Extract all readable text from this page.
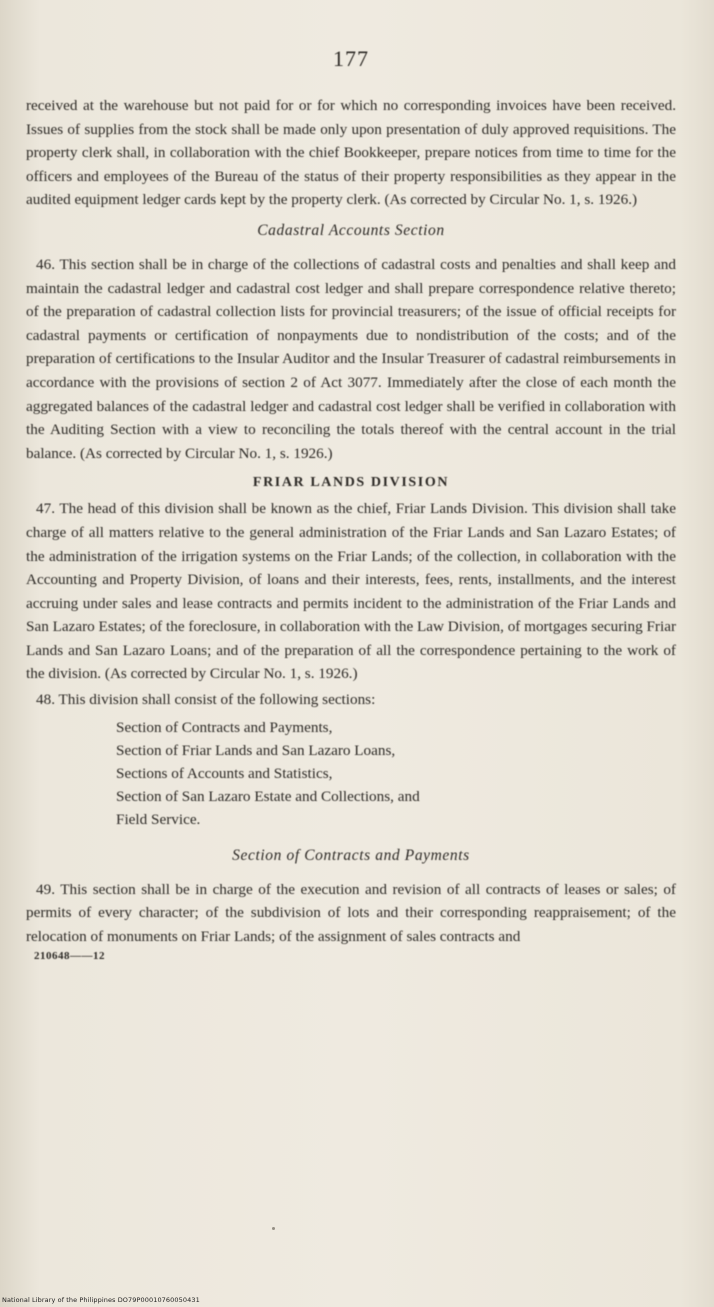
177

received at the warehouse but not paid for or for which no corresponding invoices have been received. Issues of supplies from the stock shall be made only upon presentation of duly approved requisitions. The property clerk shall, in collaboration with the chief Bookkeeper, prepare notices from time to time for the officers and employees of the Bureau of the status of their property responsibilities as they appear in the audited equipment ledger cards kept by the property clerk. (As corrected by Circular No. 1, s. 1926.)

Cadastral Accounts Section

46. This section shall be in charge of the collections of cadastral costs and penalties and shall keep and maintain the cadastral ledger and cadastral cost ledger and shall prepare correspondence relative thereto; of the preparation of cadastral collection lists for provincial treasurers; of the issue of official receipts for cadastral payments or certification of nonpayments due to nondistribution of the costs; and of the preparation of certifications to the Insular Auditor and the Insular Treasurer of cadastral reimbursements in accordance with the provisions of section 2 of Act 3077. Immediately after the close of each month the aggregated balances of the cadastral ledger and cadastral cost ledger shall be verified in collaboration with the Auditing Section with a view to reconciling the totals thereof with the central account in the trial balance. (As corrected by Circular No. 1, s. 1926.)

FRIAR LANDS DIVISION

47. The head of this division shall be known as the chief, Friar Lands Division. This division shall take charge of all matters relative to the general administration of the Friar Lands and San Lazaro Estates; of the administration of the irrigation systems on the Friar Lands; of the collection, in collaboration with the Accounting and Property Division, of loans and their interests, fees, rents, installments, and the interest accruing under sales and lease contracts and permits incident to the administration of the Friar Lands and San Lazaro Estates; of the foreclosure, in collaboration with the Law Division, of mortgages securing Friar Lands and San Lazaro Loans; and of the preparation of all the correspondence pertaining to the work of the division. (As corrected by Circular No. 1, s. 1926.)

48. This division shall consist of the following sections:

Section of Contracts and Payments,
Section of Friar Lands and San Lazaro Loans,
Sections of Accounts and Statistics,
Section of San Lazaro Estate and Collections, and
Field Service.
Section of Contracts and Payments

49. This section shall be in charge of the execution and revision of all contracts of leases or sales; of permits of every character; of the subdivision of lots and their corresponding reappraisement; of the relocation of monuments on Friar Lands; of the assignment of sales contracts and

210648——12
National Library of the Philippines DO79P00010760050431
